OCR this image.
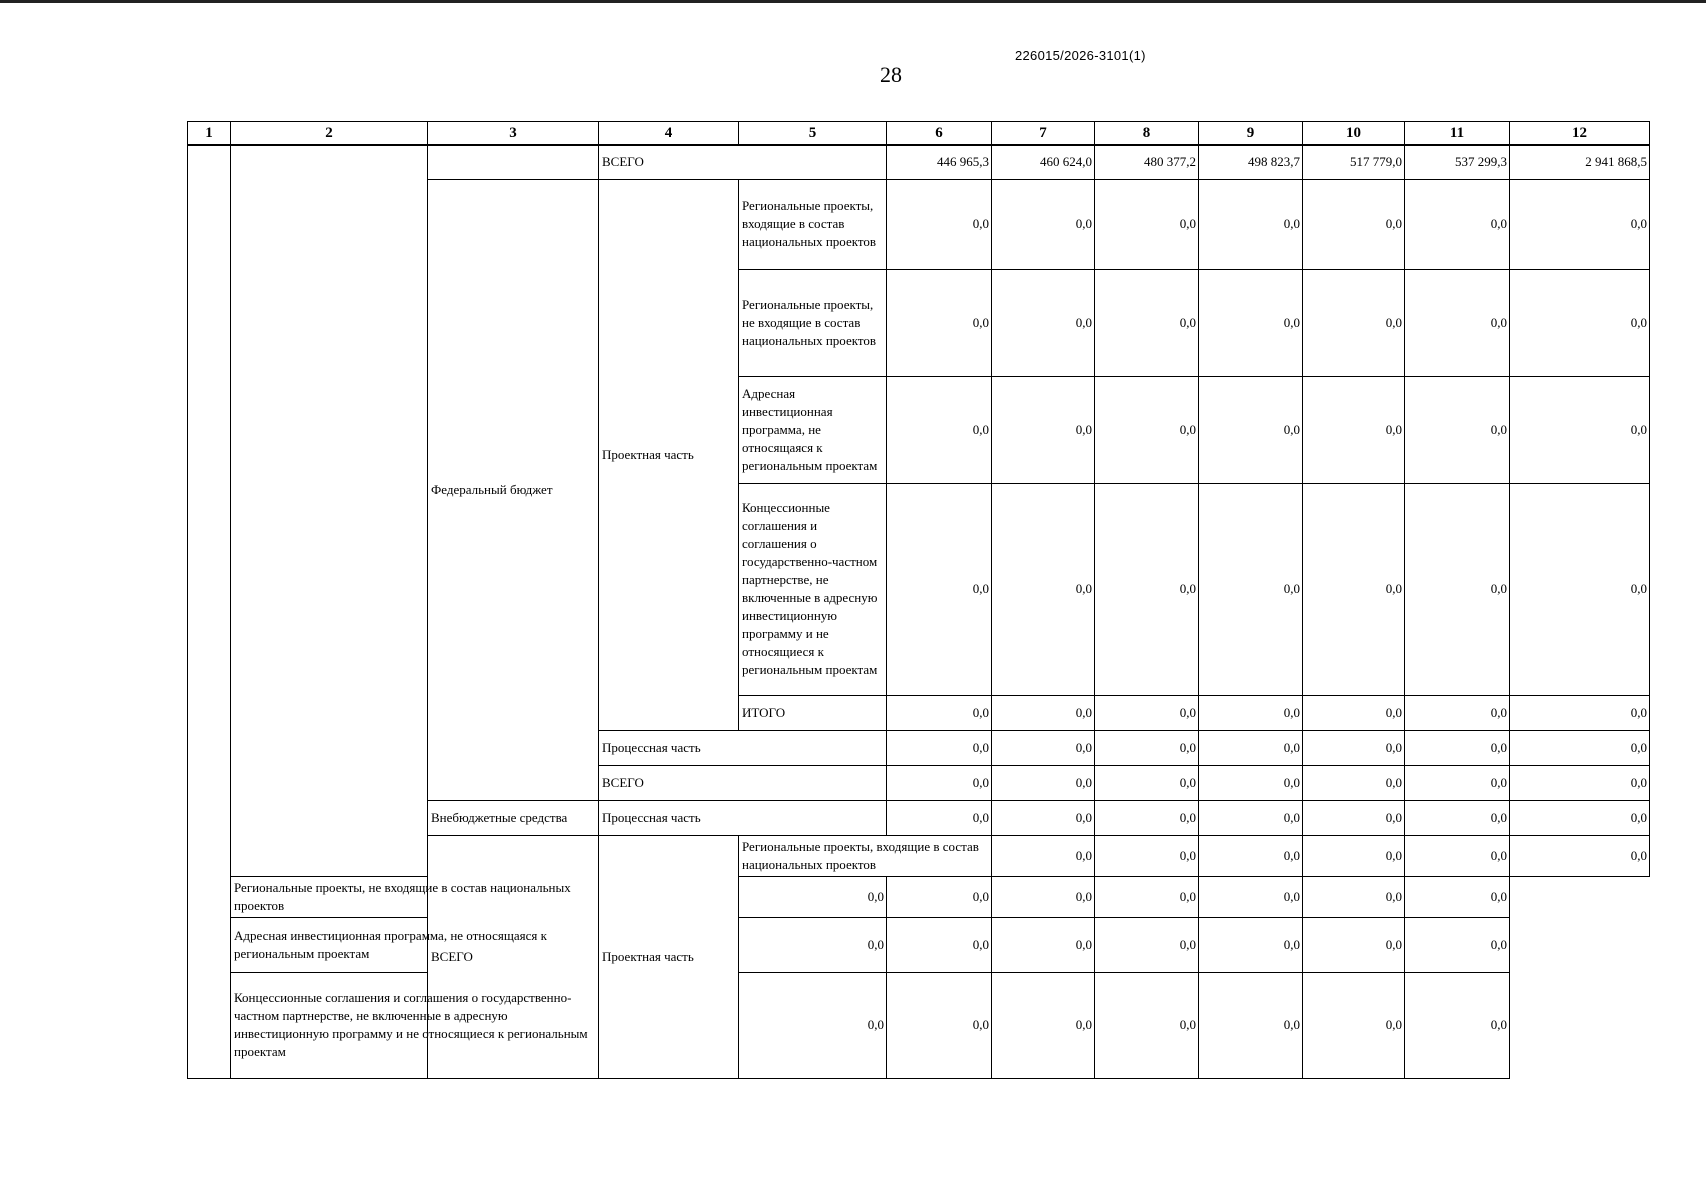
226015/2026-3101(1)
28
1	2	3	4	5	6	7	8	9	10	11	12	
			ВСЕГО		446 965,3	460 624,0	480 377,2	498 823,7	517 779,0	537 299,3	2 941 868,5	
		Федеральный бюджет	Проектная часть	Региональные проекты, входящие в состав национальных проектов	0,0	0,0	0,0	0,0	0,0	0,0	0,0	
				Региональные проекты, не входящие в состав национальных проектов	0,0	0,0	0,0	0,0	0,0	0,0	0,0	
				Адресная инвестиционная программа, не относящаяся к региональным проектам	0,0	0,0	0,0	0,0	0,0	0,0	0,0	
				Концессионные соглашения и соглашения о государственно-частном партнерстве, не включенные в адресную инвестиционную программу и не относящиеся к региональным проектам	0,0	0,0	0,0	0,0	0,0	0,0	0,0	
				ИТОГО	0,0	0,0	0,0	0,0	0,0	0,0	0,0	
			Процессная часть		0,0	0,0	0,0	0,0	0,0	0,0	0,0	
			ВСЕГО		0,0	0,0	0,0	0,0	0,0	0,0	0,0	
		Внебюджетные средства	Процессная часть		0,0	0,0	0,0	0,0	0,0	0,0	0,0	
		ВСЕГО	Проектная часть	Региональные проекты, входящие в состав национальных проектов		0,0	0,0	0,0	0,0	0,0	0,0	
	Региональные проекты, не входящие в состав национальных проектов			0,0	0,0	0,0	0,0	0,0	0,0	0,0		
	Адресная инвестиционная программа, не относящаяся к региональным проектам			0,0	0,0	0,0	0,0	0,0	0,0	0,0		
	Концессионные соглашения и соглашения о государственно-частном партнерстве, не включенные в адресную инвестиционную программу и не относящиеся к региональным проектам			0,0	0,0	0,0	0,0	0,0	0,0	0,0		
